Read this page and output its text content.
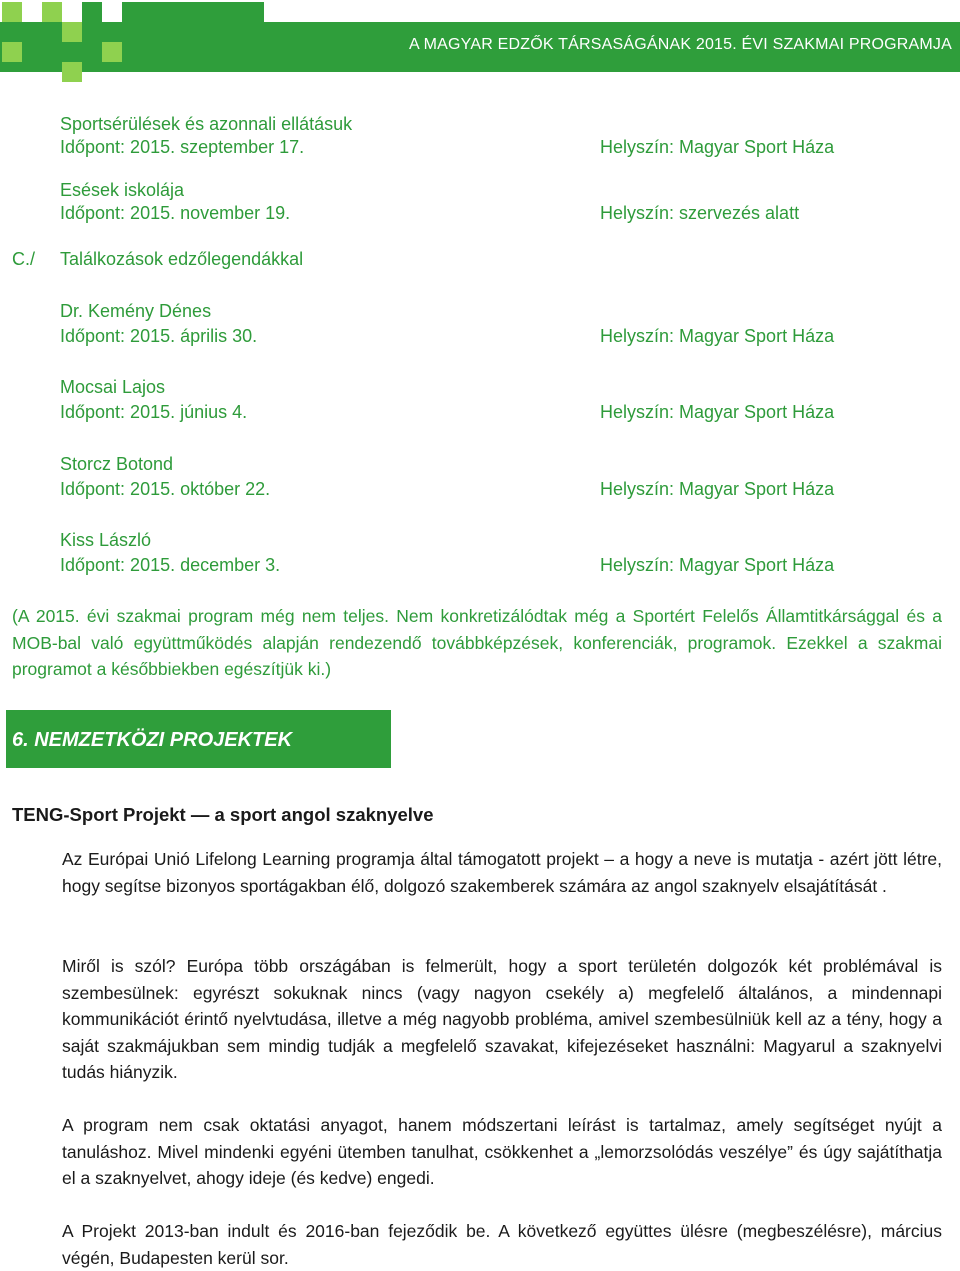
A MAGYAR EDZŐK TÁRSASÁGÁNAK 2015. ÉVI SZAKMAI PROGRAMJA
Sportsérülések és azonnali ellátásuk
Időpont: 2015. szeptember 17.	Helyszín: Magyar Sport Háza
Esések iskolája
Időpont: 2015. november 19.	Helyszín: szervezés alatt
C./ Találkozások edzőlegendákkal
Dr. Kemény Dénes
Időpont: 2015. április 30.	Helyszín: Magyar Sport Háza
Mocsai Lajos
Időpont: 2015. június 4.	Helyszín: Magyar Sport Háza
Storcz Botond
Időpont: 2015. október 22.	Helyszín: Magyar Sport Háza
Kiss László
Időpont: 2015. december 3.	Helyszín: Magyar Sport Háza
(A 2015. évi szakmai program még nem teljes. Nem konkretizálódtak még a Sportért Felelős Államtitkársággal és a MOB-bal való együttműködés alapján rendezendő továbbképzések, konferenciák, programok. Ezekkel a szakmai programot a későbbiekben egészítjük ki.)
6. NEMZETKÖZI PROJEKTEK
TENG-Sport Projekt — a sport angol szaknyelve
Az Európai Unió Lifelong Learning programja által támogatott projekt – a hogy a neve is mutatja - azért jött létre, hogy segítse bizonyos sportágakban élő, dolgozó szakemberek számára az angol szaknyelv elsajátítását .
Miről is szól? Európa több országában is felmerült, hogy a sport területén dolgozók két problémával is szembesülnek: egyrészt sokuknak nincs (vagy nagyon csekély a) megfelelő általános, a mindennapi kommunikációt érintő nyelvtudása, illetve a még nagyobb probléma, amivel szembesülniük kell az a tény, hogy a saját szakmájukban sem mindig tudják a megfelelő szavakat, kifejezéseket használni: Magyarul a szaknyelvi tudás hiányzik.
A program nem csak oktatási anyagot, hanem módszertani leírást is tartalmaz, amely segítséget nyújt a tanuláshoz. Mivel mindenki egyéni ütemben tanulhat, csökkenhet a „lemorzsolódás veszélye” és úgy sajátíthatja el a szaknyelvet, ahogy ideje (és kedve) engedi.
A Projekt 2013-ban indult és 2016-ban fejeződik be. A következő együttes ülésre (megbeszélésre), március végén, Budapesten kerül sor.
